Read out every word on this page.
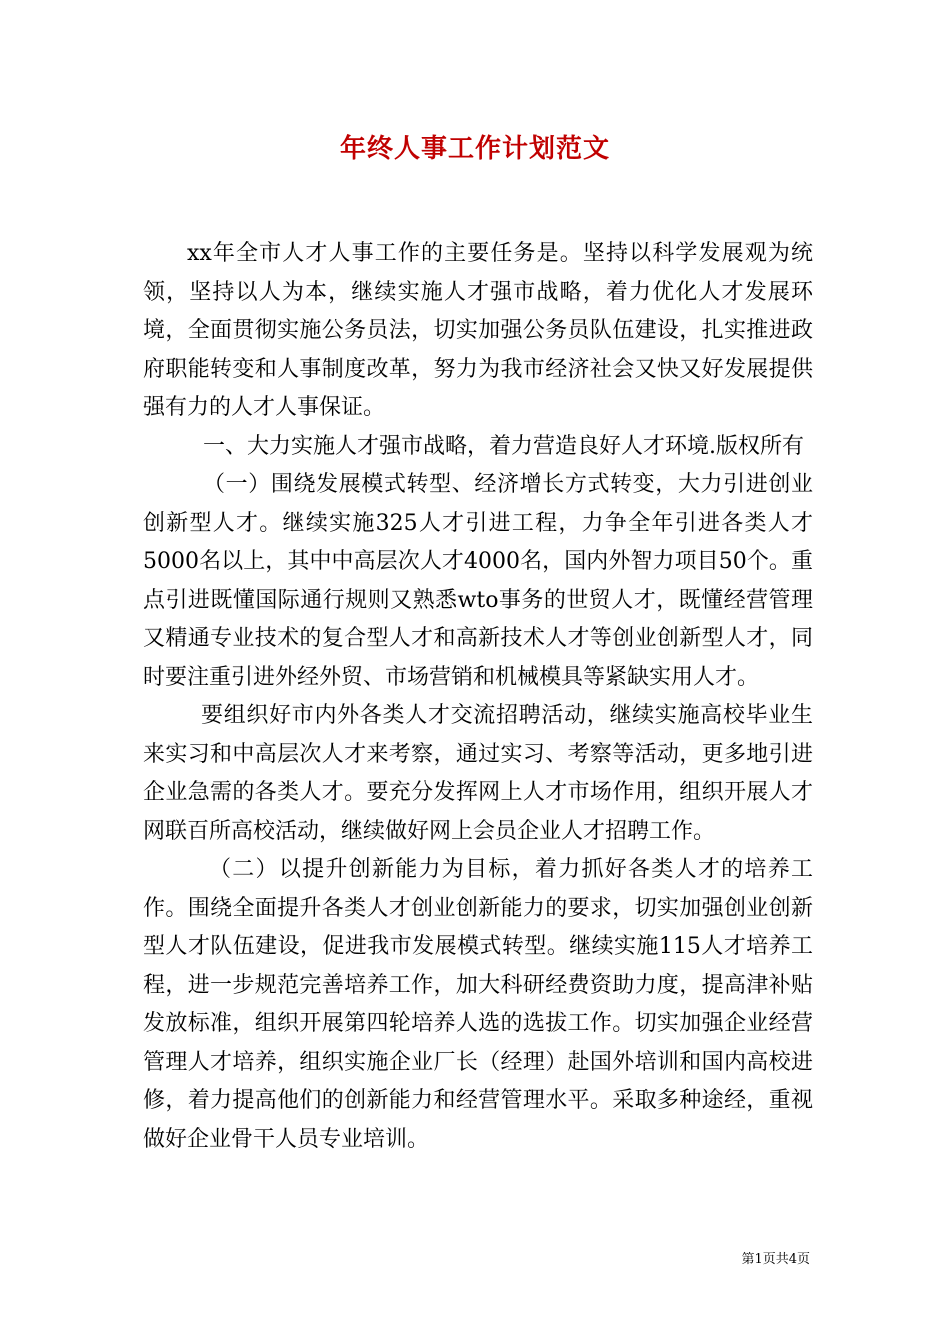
年终人事工作计划范文

xx年全市人才人事工作的主要任务是。坚持以科学发展观为统领，坚持以人为本，继续实施人才强市战略，着力优化人才发展环境，全面贯彻实施公务员法，切实加强公务员队伍建设，扎实推进政府职能转变和人事制度改革，努力为我市经济社会又快又好发展提供强有力的人才人事保证。

一、大力实施人才强市战略，着力营造良好人才环境.版权所有

（一）围绕发展模式转型、经济增长方式转变，大力引进创业创新型人才。继续实施325人才引进工程，力争全年引进各类人才5000名以上，其中中高层次人才4000名，国内外智力项目50个。重点引进既懂国际通行规则又熟悉wto事务的世贸人才，既懂经营管理又精通专业技术的复合型人才和高新技术人才等创业创新型人才，同时要注重引进外经外贸、市场营销和机械模具等紧缺实用人才。

要组织好市内外各类人才交流招聘活动，继续实施高校毕业生来实习和中高层次人才来考察，通过实习、考察等活动，更多地引进企业急需的各类人才。要充分发挥网上人才市场作用，组织开展人才网联百所高校活动，继续做好网上会员企业人才招聘工作。

（二）以提升创新能力为目标，着力抓好各类人才的培养工作。围绕全面提升各类人才创业创新能力的要求，切实加强创业创新型人才队伍建设，促进我市发展模式转型。继续实施115人才培养工程，进一步规范完善培养工作，加大科研经费资助力度，提高津补贴发放标准，组织开展第四轮培养人选的选拔工作。切实加强企业经营管理人才培养，组织实施企业厂长（经理）赴国外培训和国内高校进修，着力提高他们的创新能力和经营管理水平。采取多种途经，重视做好企业骨干人员专业培训。

第1页共4页
